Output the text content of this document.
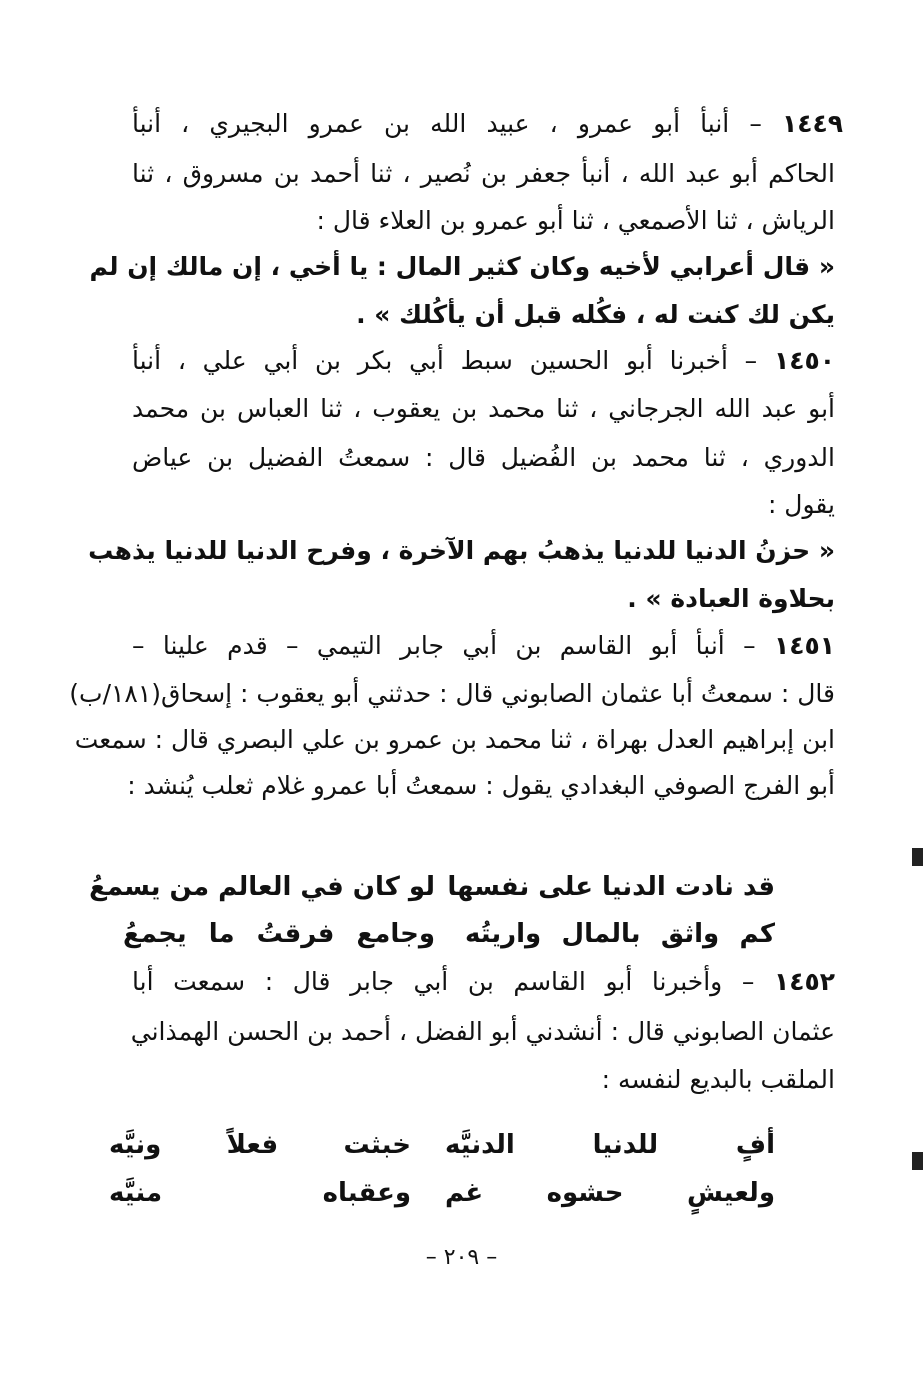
١٤٤٩ – أنبأ أبو عمرو ، عبيد الله بن عمرو البجيري ، أنبأ
الحاكم أبو عبد الله ، أنبأ جعفر بن نُصير ، ثنا أحمد بن مسروق ، ثنا
الرياش ، ثنا الأصمعي ، ثنا أبو عمرو بن العلاء قال :
« قال أعرابي لأخيه وكان كثير المال : يا أخي ، إن مالك إن لم
يكن لك كنت له ، فكُله قبل أن يأكُلك » .
١٤٥٠ – أخبرنا أبو الحسين سبط أبي بكر بن أبي علي ، أنبأ
أبو عبد الله الجرجاني ، ثنا محمد بن يعقوب ، ثنا العباس بن محمد
الدوري ، ثنا محمد بن الفُضيل قال : سمعتُ الفضيل بن عياض
يقول :
« حزنُ الدنيا للدنيا يذهبُ بهم الآخرة ، وفرح الدنيا للدنيا يذهب
بحلاوة العبادة » .
١٤٥١ – أنبأ أبو القاسم بن أبي جابر التيمي – قدم علينا –
قال : سمعتُ أبا عثمان الصابوني قال : حدثني أبو يعقوب : إسحاق(١٨١/ب)
ابن إبراهيم العدل بهراة ، ثنا محمد بن عمرو بن علي البصري قال : سمعت
أبو الفرج الصوفي البغدادي يقول : سمعتُ أبا عمرو غلام ثعلب يُنشد :
قد نادت الدنيا على نفسها
لو كان في العالم من يسمعُ
كم واثق بالمال واريتُه
وجامع فرقتُ ما يجمعُ
١٤٥٢ – وأخبرنا أبو القاسم بن أبي جابر قال : سمعت أبا
عثمان الصابوني قال : أنشدني أبو الفضل ، أحمد بن الحسن الهمذاني
الملقب بالبديع لنفسه :
أفٍ للدنيا الدنيَّه
خبثت فعلاً ونيَّه
ولعيشٍ حشوه غم
وعقباه منيَّه
– ٢٠٩ –
